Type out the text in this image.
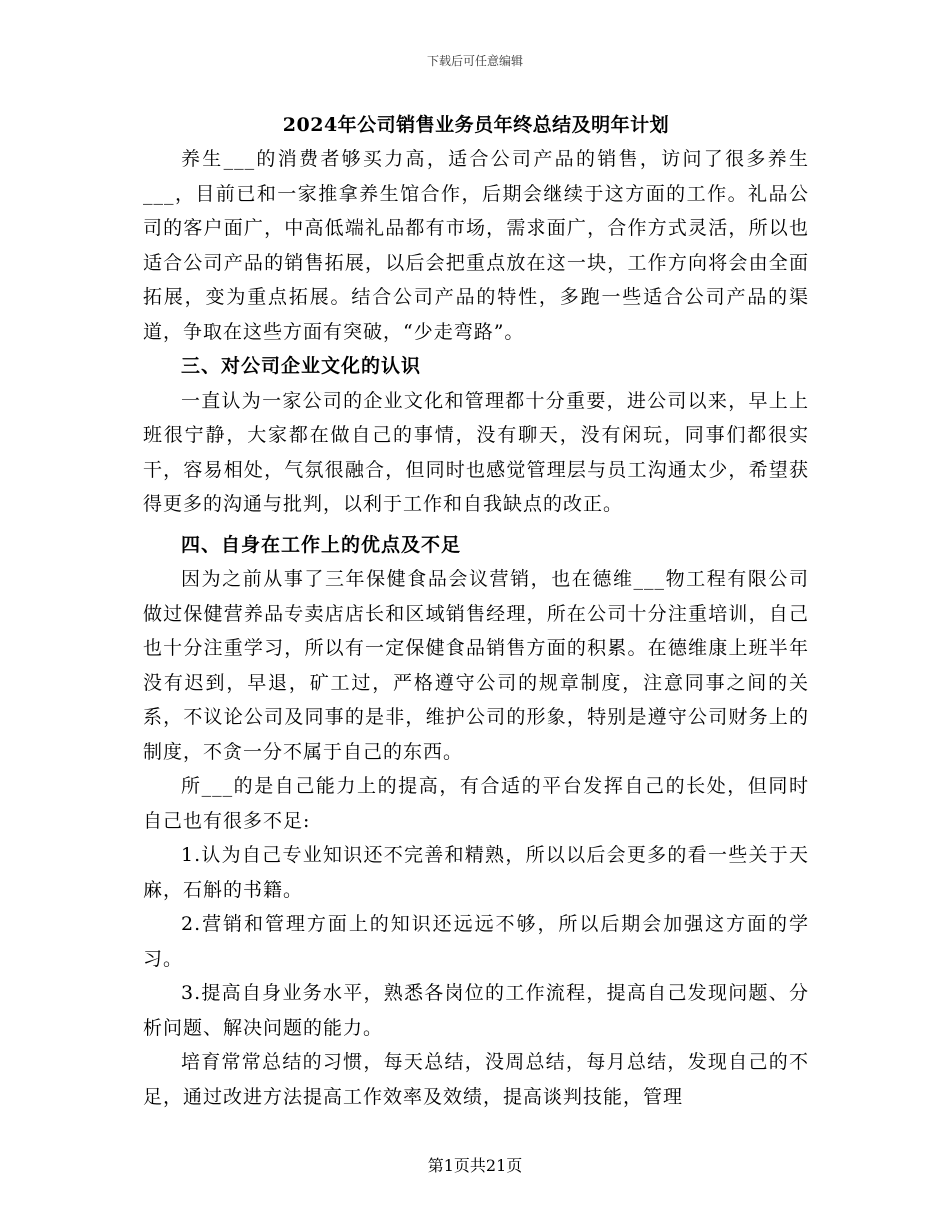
下载后可任意编辑
2024年公司销售业务员年终总结及明年计划

养生___的消费者够买力高，适合公司产品的销售，访问了很多养生___，目前已和一家推拿养生馆合作，后期会继续于这方面的工作。礼品公司的客户面广，中高低端礼品都有市场，需求面广，合作方式灵活，所以也适合公司产品的销售拓展，以后会把重点放在这一块，工作方向将会由全面拓展，变为重点拓展。结合公司产品的特性，多跑一些适合公司产品的渠道，争取在这些方面有突破，“少走弯路”。

三、对公司企业文化的认识

一直认为一家公司的企业文化和管理都十分重要，进公司以来，早上上班很宁静，大家都在做自己的事情，没有聊天，没有闲玩，同事们都很实干，容易相处，气氛很融合，但同时也感觉管理层与员工沟通太少，希望获得更多的沟通与批判，以利于工作和自我缺点的改正。

四、自身在工作上的优点及不足

因为之前从事了三年保健食品会议营销，也在德维___物工程有限公司做过保健营养品专卖店店长和区域销售经理，所在公司十分注重培训，自己也十分注重学习，所以有一定保健食品销售方面的积累。在德维康上班半年没有迟到，早退，矿工过，严格遵守公司的规章制度，注意同事之间的关系，不议论公司及同事的是非，维护公司的形象，特别是遵守公司财务上的制度，不贪一分不属于自己的东西。

所___的是自己能力上的提高，有合适的平台发挥自己的长处，但同时自己也有很多不足:

1.认为自己专业知识还不完善和精熟，所以以后会更多的看一些关于天麻，石斛的书籍。

2.营销和管理方面上的知识还远远不够，所以后期会加强这方面的学习。

3.提高自身业务水平，熟悉各岗位的工作流程，提高自己发现问题、分析问题、解决问题的能力。

培育常常总结的习惯，每天总结，没周总结，每月总结，发现自己的不足，通过改进方法提高工作效率及效绩，提高谈判技能，管理

第1页共21页
